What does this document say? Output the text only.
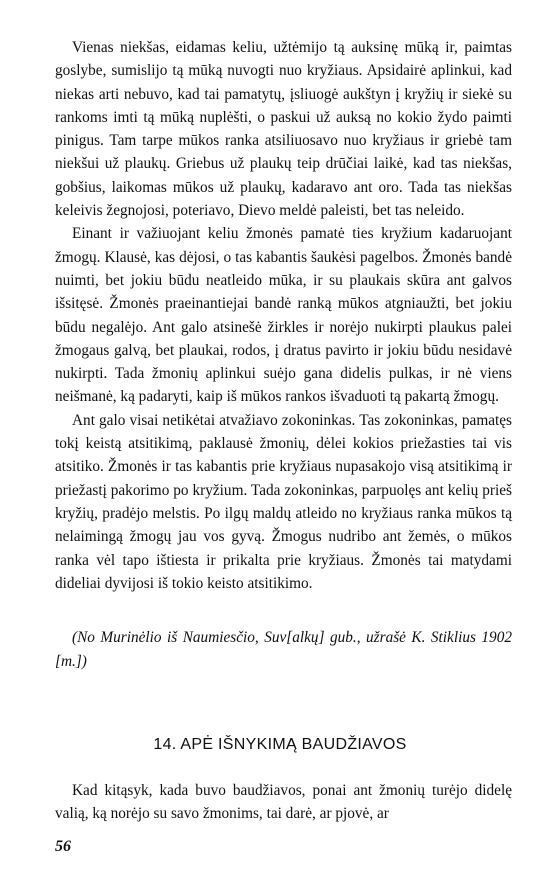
Vienas niekšas, eidamas keliu, užtėmijo tą auksinę mūką ir, paimtas goslybe, sumislijo tą mūką nuvogti nuo kryžiaus. Apsidairė aplinkui, kad niekas arti nebuvo, kad tai pamatytų, įsliuogė aukštyn į kryžių ir siekė su rankoms imti tą mūką nuplėšti, o paskui už auksą no kokio žydo paimti pinigus. Tam tarpe mūkos ranka atsiliuosavo nuo kryžiaus ir griebė tam niekšui už plaukų. Griebus už plaukų teip drūčiai laikė, kad tas niekšas, gobšius, laikomas mūkos už plaukų, kadaravo ant oro. Tada tas niekšas keleivis žegnojosi, poteriavo, Dievo meldė paleisti, bet tas neleido.

Einant ir važiuojant keliu žmonės pamatė ties kryžium kadaruojant žmogų. Klausė, kas dėjosi, o tas kabantis šaukėsi pagelbos. Žmonės bandė nuimti, bet jokiu būdu neatleido mūka, ir su plaukais skūra ant galvos išsitęsė. Žmonės praeinantiejai bandė ranką mūkos atgniaužti, bet jokiu būdu negalėjo. Ant galo atsinešė žirkles ir norėjo nukirpti plaukus palei žmogaus galvą, bet plaukai, rodos, į dratus pavirto ir jokiu būdu nesidavė nukirpti. Tada žmonių aplinkui suėjo gana didelis pulkas, ir nė viens neišmanė, ką padaryti, kaip iš mūkos rankos išvaduoti tą pakartą žmogų.

Ant galo visai netikėtai atvažiavo zokoninkas. Tas zokoninkas, pamatęs tokį keistą atsitikimą, paklausė žmonių, dėlei kokios priežasties tai vis atsitiko. Žmonės ir tas kabantis prie kryžiaus nupasakojo visą atsitikimą ir priežastį pakorimo po kryžium. Tada zokoninkas, parpuolęs ant kelių prieš kryžių, pradėjo melstis. Po ilgų maldų atleido no kryžiaus ranka mūkos tą nelaimingą žmogų jau vos gyvą. Žmogus nudribo ant žemės, o mūkos ranka vėl tapo ištiesta ir prikalta prie kryžiaus. Žmonės tai matydami dideliai dyvijosi iš tokio keisto atsitikimo.

(No Murinėlio iš Naumiesčio, Suv[alkų] gub., užrašė K. Stiklius 1902 [m.])

14. APĖ IŠNYKIMĄ BAUDŽIAVOS

Kad kitąsyk, kada buvo baudžiavos, ponai ant žmonių turėjo didelę valią, ką norėjo su savo žmonims, tai darė, ar pjovė, ar

56
